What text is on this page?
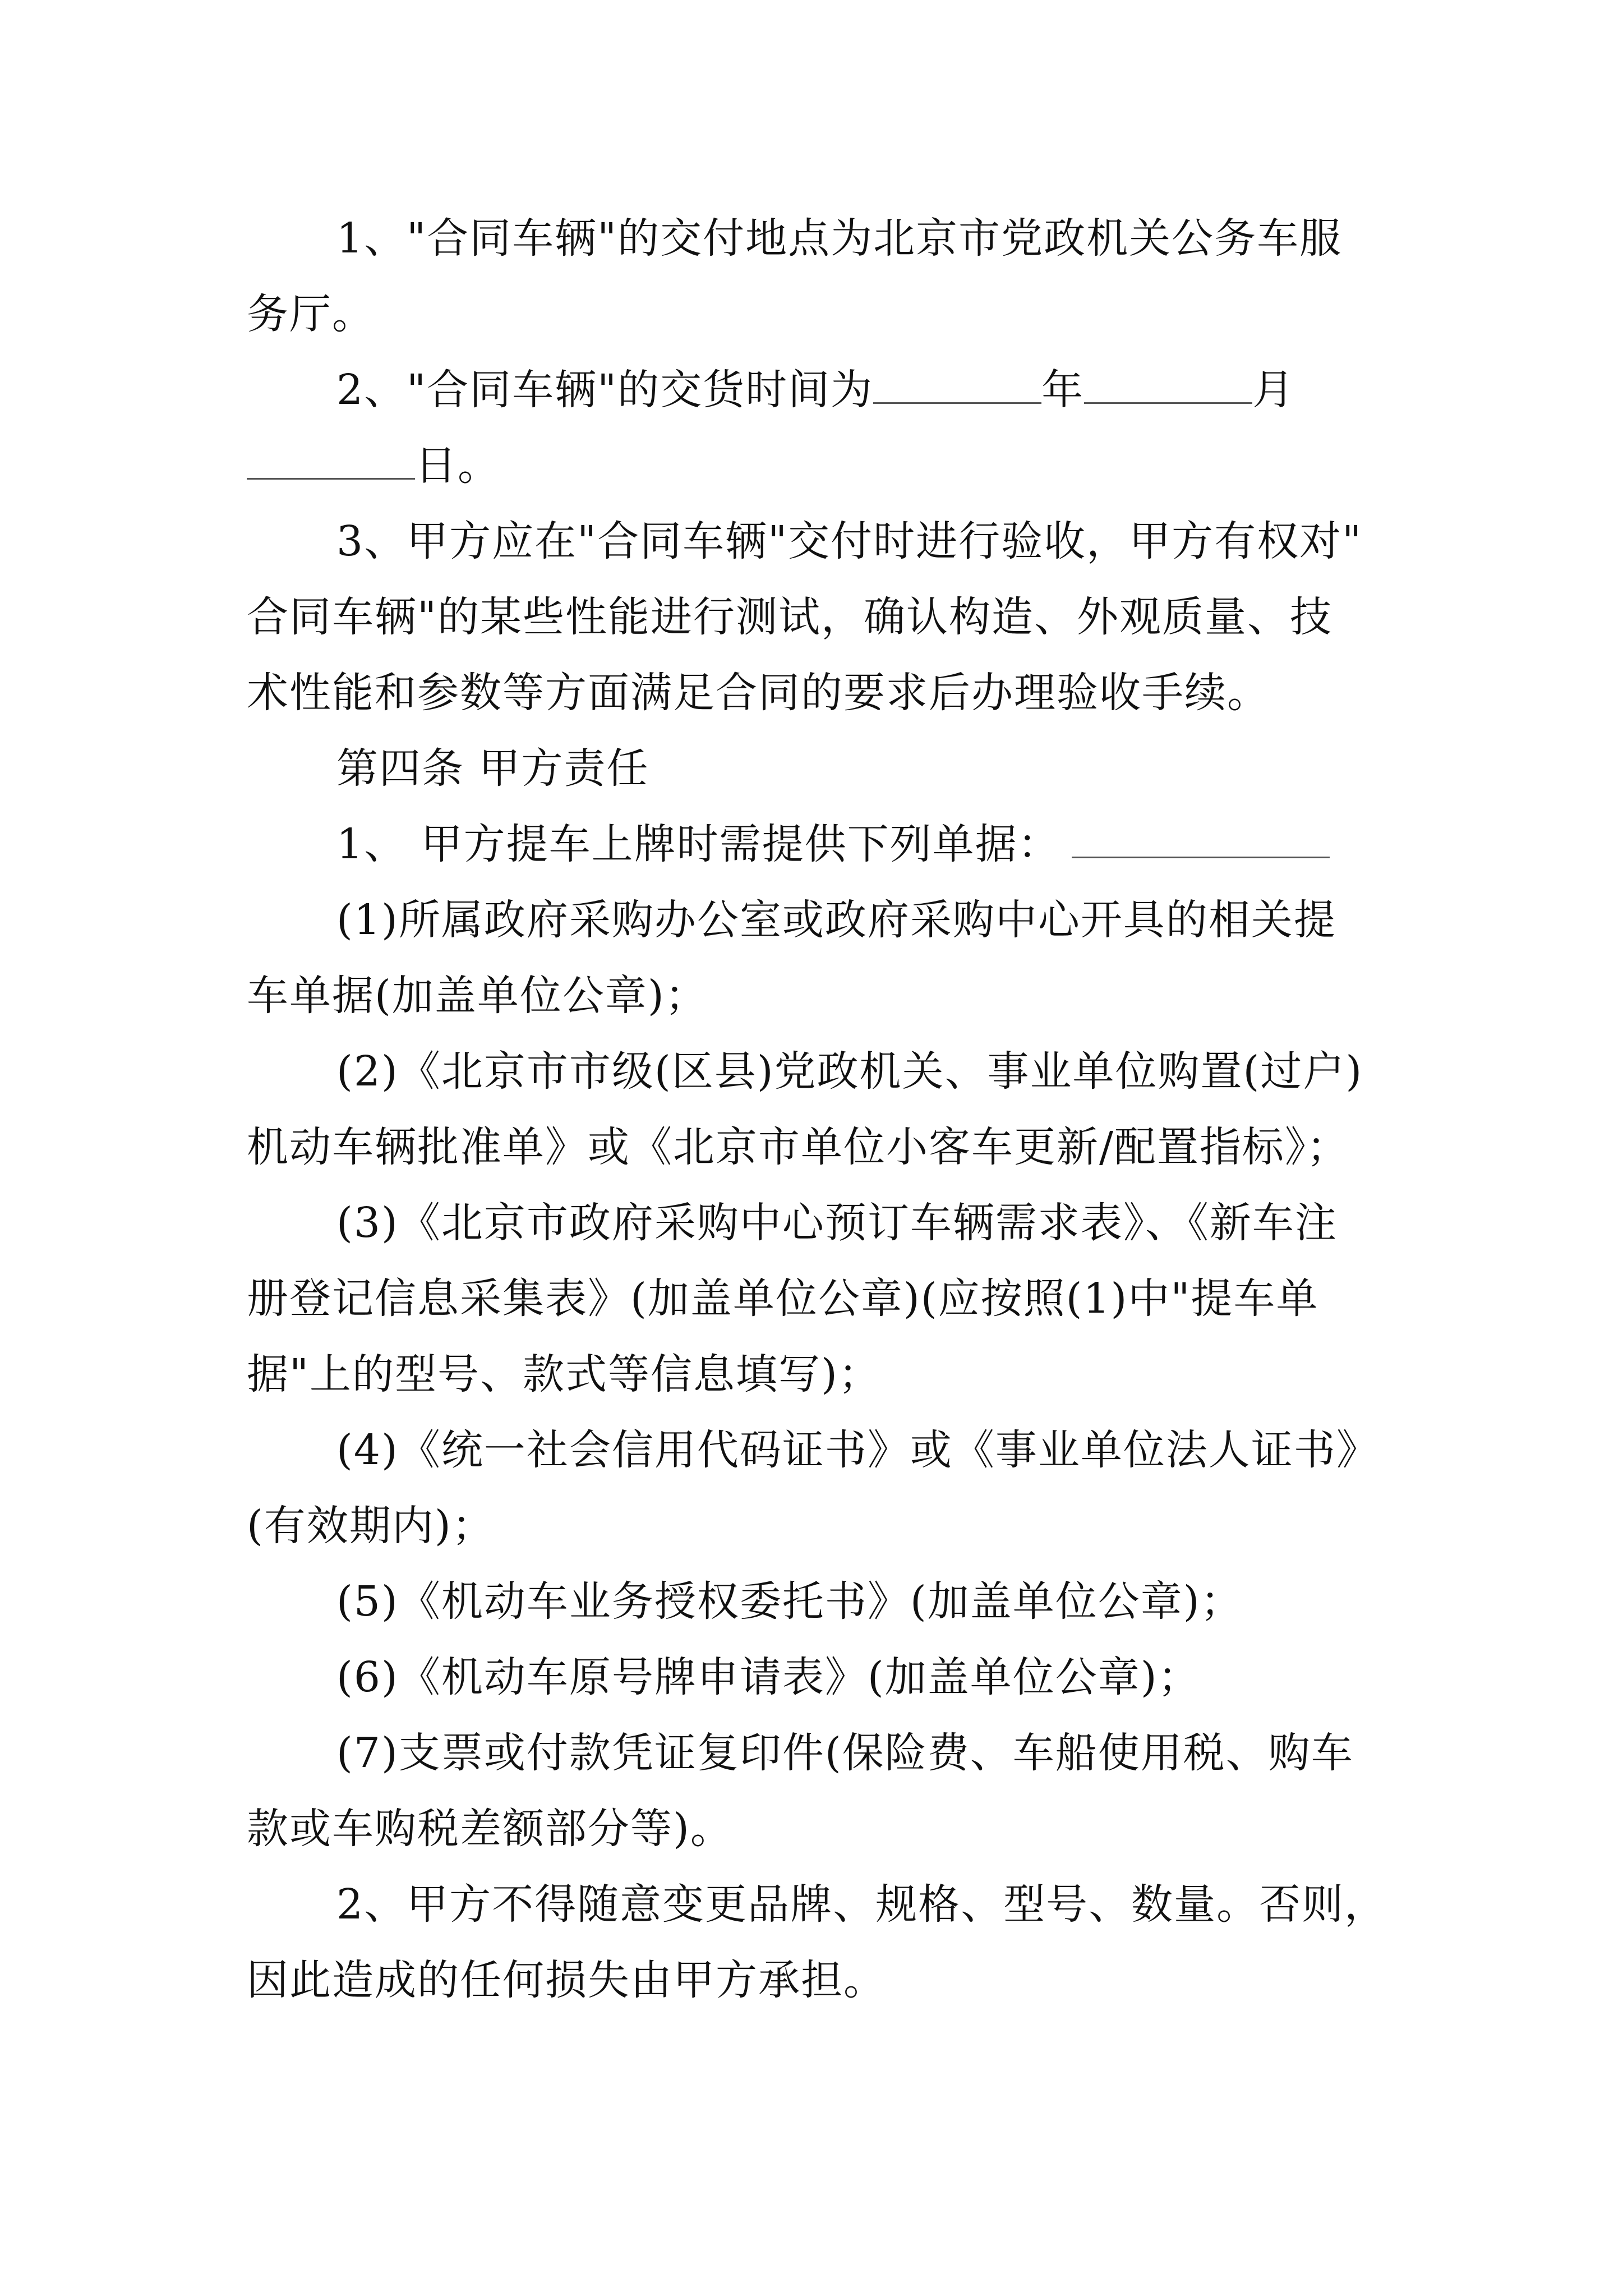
1、"合同车辆"的交付地点为北京市党政机关公务车服
务厅。
2、"合同车辆"的交货时间为	年	月
日。
3、甲方应在"合同车辆"交付时进行验收，甲方有权对"
合同车辆"的某些性能进行测试，确认构造、外观质量、技
术性能和参数等方面满足合同的要求后办理验收手续。
第四条 甲方责任
1、 甲方提车上牌时需提供下列单据：
(1)所属政府采购办公室或政府采购中心开具的相关提
车单据(加盖单位公章)；
(2)《北京市市级(区县)党政机关、事业单位购置(过户)
机动车辆批准单》或《北京市单位小客车更新/配置指标》；
(3)《北京市政府采购中心预订车辆需求表》、《新车注
册登记信息采集表》(加盖单位公章)(应按照(1)中"提车单
据"上的型号、款式等信息填写)；
(4)《统一社会信用代码证书》或《事业单位法人证书》
(有效期内)；
(5)《机动车业务授权委托书》(加盖单位公章)；
(6)《机动车原号牌申请表》(加盖单位公章)；
(7)支票或付款凭证复印件(保险费、车船使用税、购车
款或车购税差额部分等)。
2、甲方不得随意变更品牌、规格、型号、数量。否则，
因此造成的任何损失由甲方承担。
